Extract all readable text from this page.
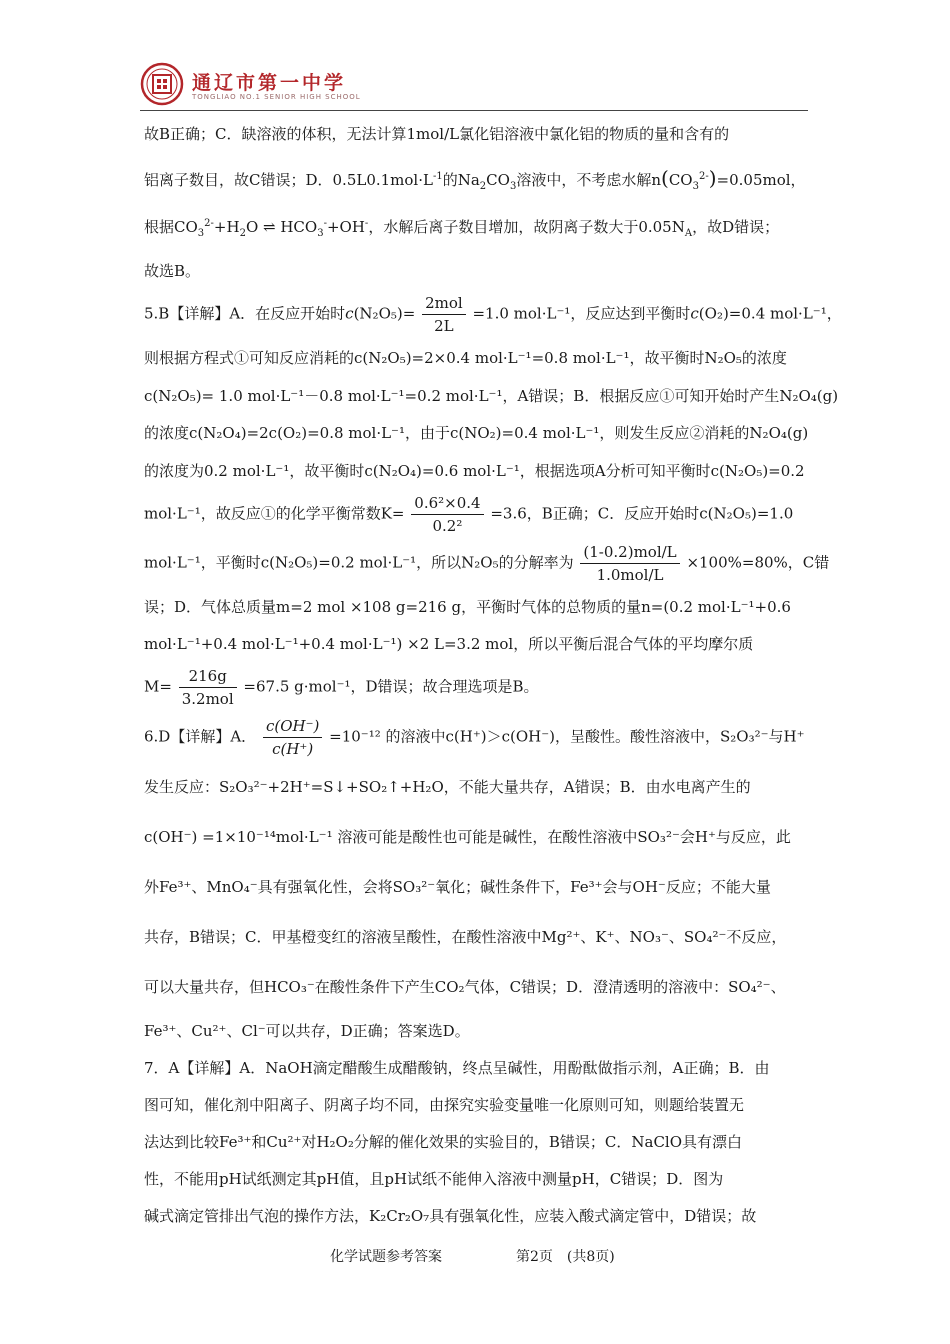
通辽市第一中学
TONGLIAO NO.1 SENIOR HIGH SCHOOL
故B正确；C．缺溶液的体积，无法计算1mol/L氯化铝溶液中氯化铝的物质的量和含有的
铝离子数目，故C错误；D．$0.5L0.1mol\cdot L^{-1}$的$Na_2CO_3$溶液中，不考虑水解$n(CO_3^{2-})=0.05mol$，
根据$CO_3^{2-}+H_2O$ ⇌ $HCO_3^-+OH^-$，水解后离子数目增加，故阴离子数大于$0.05N_A$，故D错误；
故选B。
5.B【详解】A．在反应开始时$c(N_2O_5)= \frac{\text{2mol}}{2L} =1.0$ mol·L⁻¹，反应达到平衡时c(O₂)=0.4 mol·L⁻¹，
则根据方程式①可知反应消耗的c(N₂O₅)=2×0.4 mol·L⁻¹=0.8 mol·L⁻¹，故平衡时N₂O₅的浓度
c(N₂O₅)= 1.0 mol·L⁻¹－0.8 mol·L⁻¹=0.2 mol·L⁻¹，A错误；B．根据反应①可知开始时产生N₂O₄(g)
的浓度c(N₂O₄)=2c(O₂)=0.8 mol·L⁻¹，由于c(NO₂)=0.4 mol·L⁻¹，则发生反应②消耗的N₂O₄(g)
的浓度为0.2 mol·L⁻¹，故平衡时c(N₂O₄)=0.6 mol·L⁻¹，根据选项A分析可知平衡时c(N₂O₅)=0.2
mol·L⁻¹，故反应①的化学平衡常数$K= \frac{\text{0.6²×0.4}}{\text{0.2²}} =3.6$，B正确；C．反应开始时c(N₂O₅)=1.0
mol·L⁻¹，平衡时c(N₂O₅)=0.2 mol·L⁻¹，所以N₂O₅的分解率为 $\frac{\text{(1-0.2)mol/L}}{\text{1.0mol/L}} \times 100\%=80\%$，C错
误；D．气体总质量m=2 mol ×108 g=216 g，平衡时气体的总物质的量n=(0.2 mol·L⁻¹+0.6
mol·L⁻¹+0.4 mol·L⁻¹+0.4 mol·L⁻¹) ×2 L=3.2 mol，所以平衡后混合气体的平均摩尔质
$M= \frac{216g}{\text{3.2mol}} =67.5$ g·mol⁻¹，D错误；故合理选项是B。
6.D【详解】A． $\frac{c(OH^-)}{c(H^+)} =10^{-12}$ 的溶液中c(H⁺)＞c(OH⁻)，呈酸性。酸性溶液中，S₂O₃²⁻与H⁺
发生反应：S₂O₃²⁻+2H⁺=S↓+SO₂↑+H₂O，不能大量共存，A错误；B．由水电离产生的
c(OH⁻) =1×10⁻¹⁴mol·L⁻¹ 溶液可能是酸性也可能是碱性，在酸性溶液中SO₃²⁻会H⁺与反应，此
外Fe³⁺、MnO₄⁻具有强氧化性，会将SO₃²⁻氧化；碱性条件下，Fe³⁺会与OH⁻反应；不能大量
共存，B错误；C．甲基橙变红的溶液呈酸性，在酸性溶液中Mg²⁺、K⁺、NO₃⁻、SO₄²⁻不反应，
可以大量共存，但HCO₃⁻在酸性条件下产生CO₂气体，C错误；D．澄清透明的溶液中：SO₄²⁻、
Fe³⁺、Cu²⁺、Cl⁻可以共存，D正确；答案选D。
7．A【详解】A．NaOH滴定醋酸生成醋酸钠，终点呈碱性，用酚酞做指示剂，A正确；B．由
图可知，催化剂中阳离子、阴离子均不同，由探究实验变量唯一化原则可知，则题给装置无
法达到比较Fe³⁺和Cu²⁺对H₂O₂分解的催化效果的实验目的，B错误；C．NaClO具有漂白
性，不能用pH试纸测定其pH值，且pH试纸不能伸入溶液中测量pH，C错误；D．图为
碱式滴定管排出气泡的操作方法，K₂Cr₂O₇具有强氧化性，应装入酸式滴定管中，D错误；故
化学试题参考答案	第2页　(共8页)
